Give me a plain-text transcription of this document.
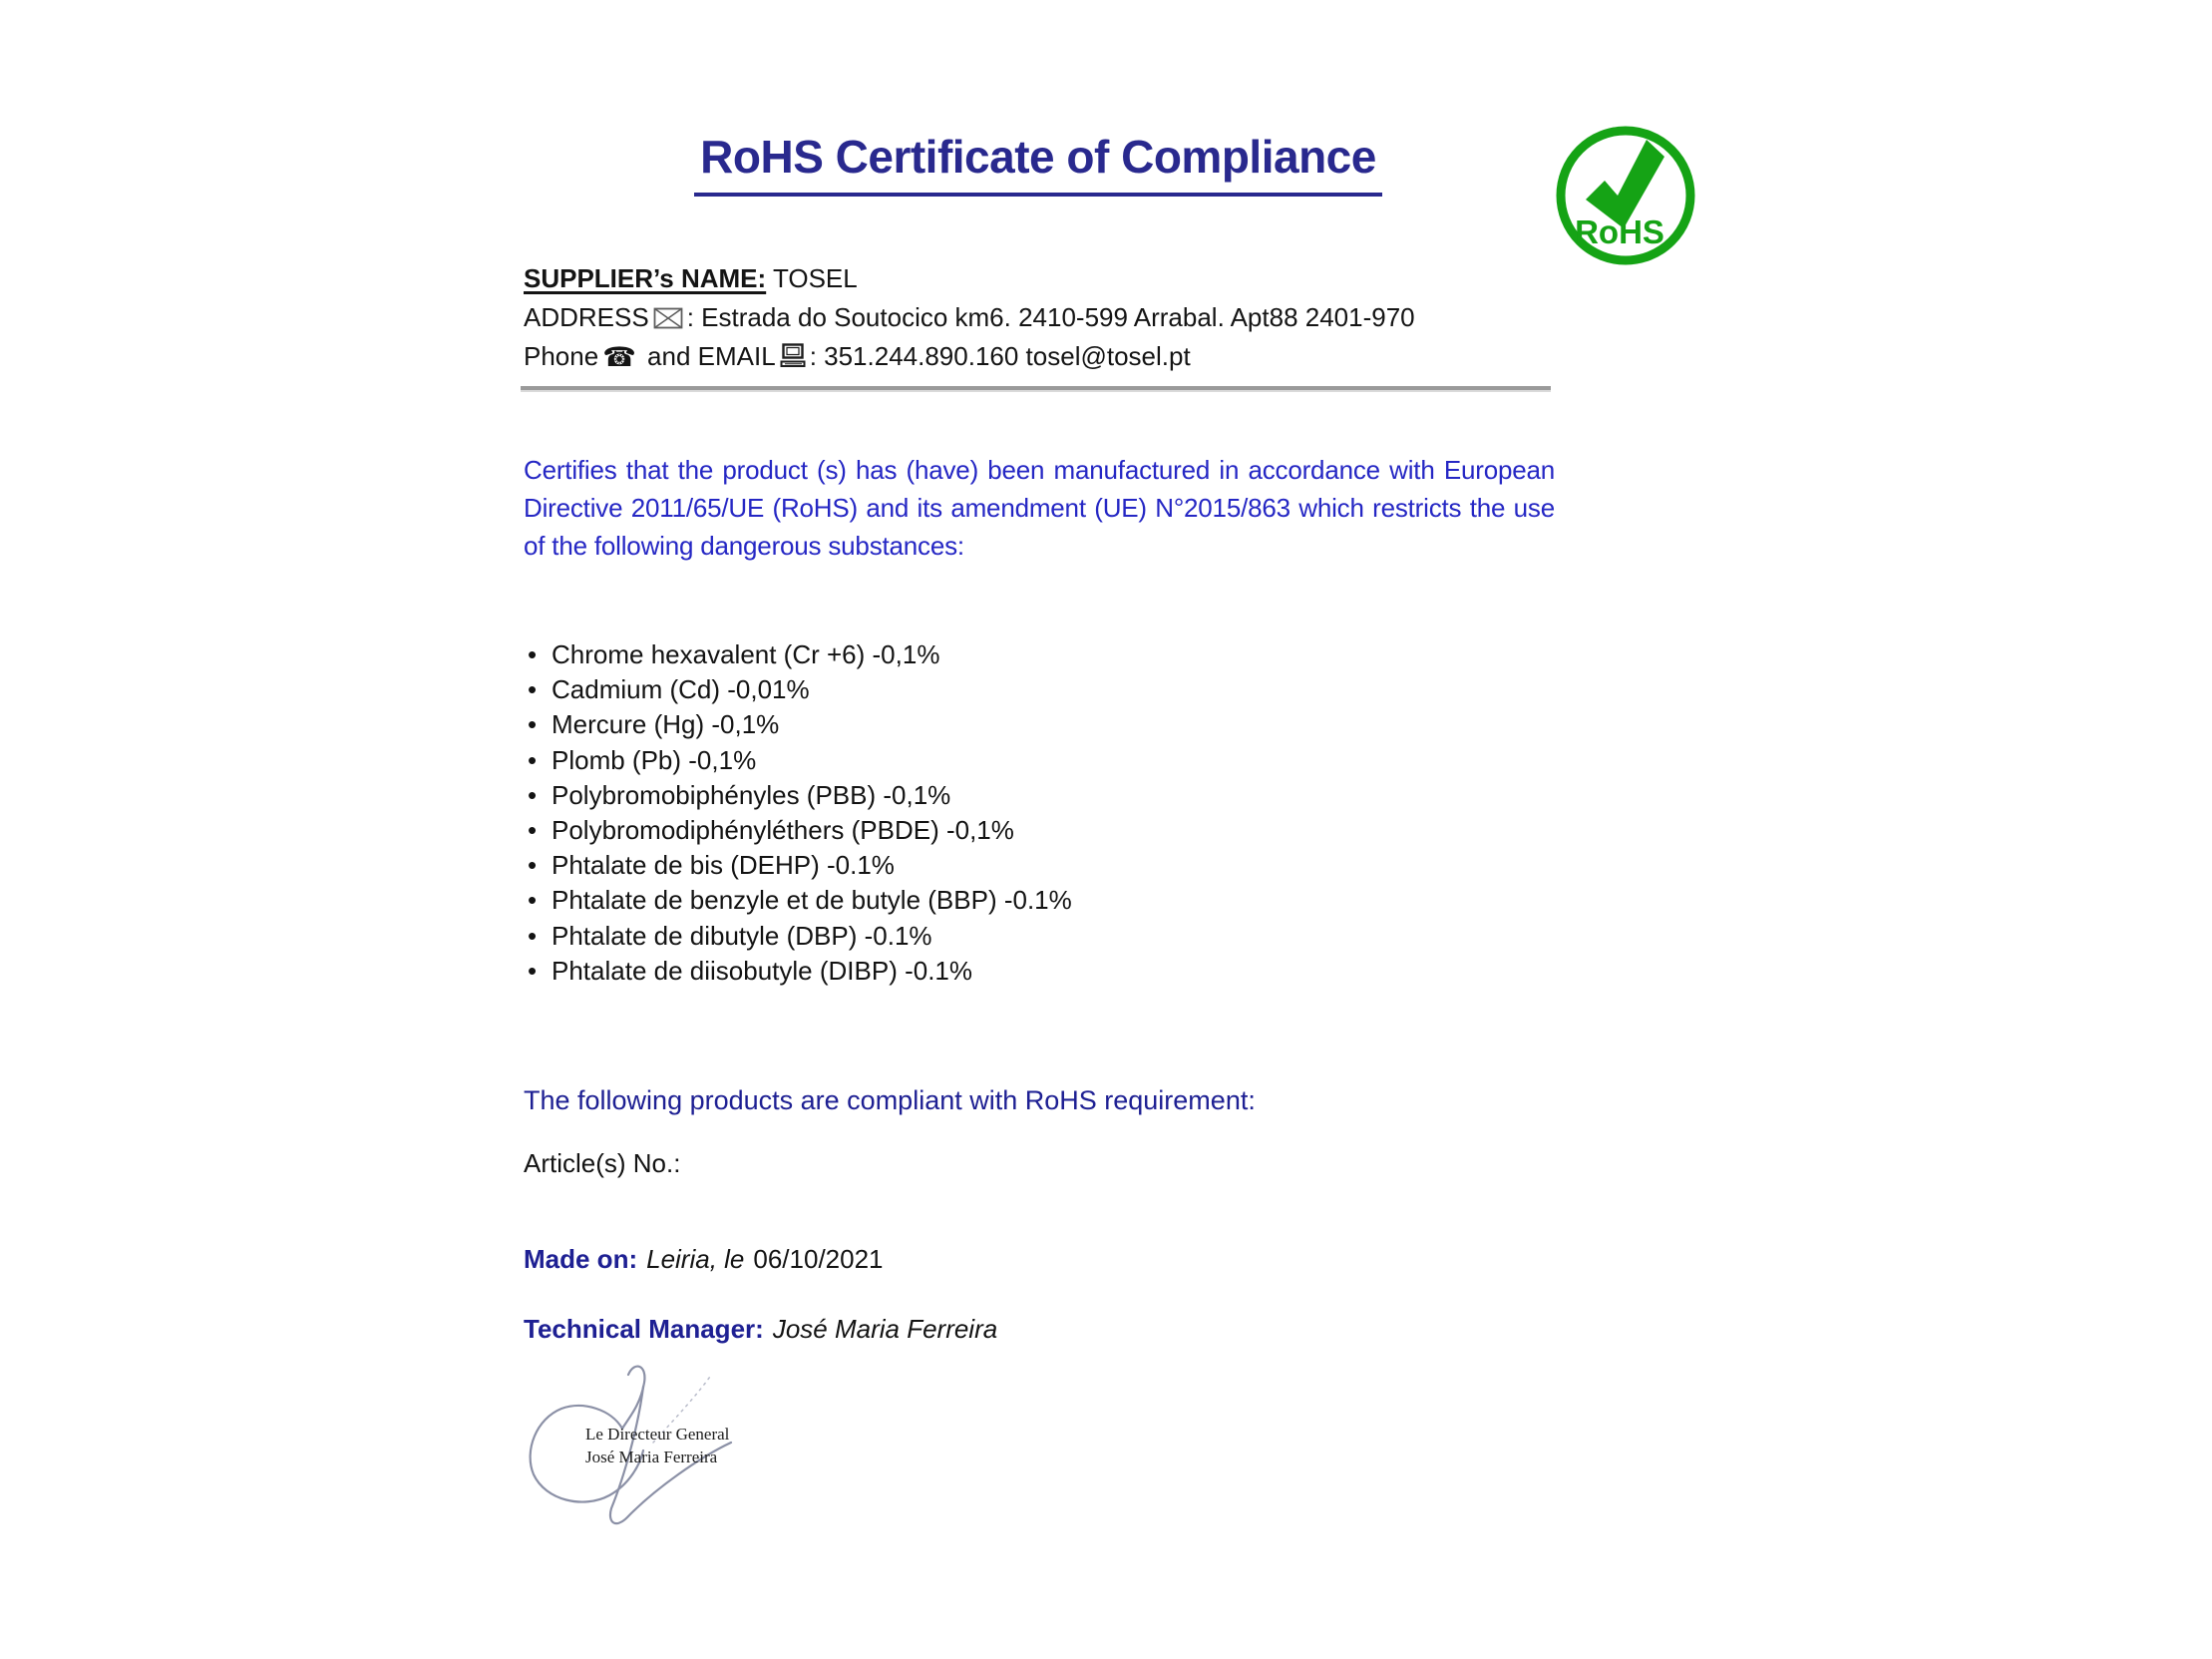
RoHS Certificate of Compliance
RoHS
SUPPLIER’s NAME: TOSEL
ADDRESS : Estrada do Soutocico km6. 2410-599 Arrabal. Apt88 2401-970
Phone ☎ and EMAIL : 351.244.890.160 tosel@tosel.pt
Certifies that the product (s) has (have) been manufactured in accordance with European Directive 2011/65/UE (RoHS) and its amendment (UE) N°2015/863 which restricts the use of the following dangerous substances:
• Chrome hexavalent (Cr +6) -0,1%
• Cadmium (Cd) -0,01%
• Mercure (Hg) -0,1%
• Plomb (Pb) -0,1%
• Polybromobiphényles (PBB) -0,1%
• Polybromodiphényléthers (PBDE) -0,1%
• Phtalate de bis (DEHP) -0.1%
• Phtalate de benzyle et de butyle (BBP) -0.1%
• Phtalate de dibutyle (DBP) -0.1%
• Phtalate de diisobutyle (DIBP) -0.1%
The following products are compliant with RoHS requirement:
Article(s) No.:
Made on: Leiria, le 06/10/2021
Technical Manager: José Maria Ferreira
Le Directeur General
José Maria Ferreira
